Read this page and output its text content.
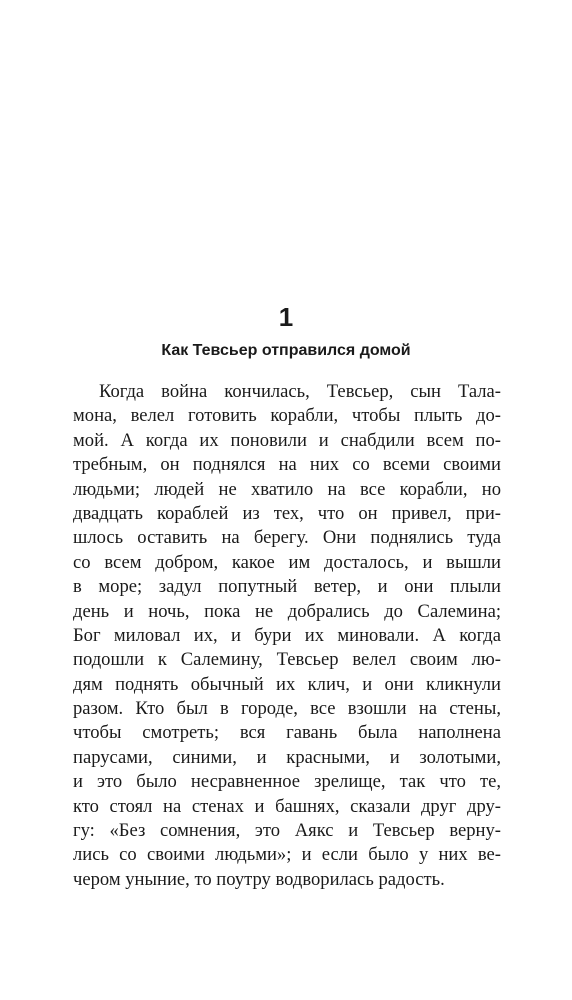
1
Как Тевсьер отправился домой

Когда война кончилась, Тевсьер, сын Тала-
мона, велел готовить корабли, чтобы плыть до-
мой. А когда их поновили и снабдили всем по-
требным, он поднялся на них со всеми своими
людьми; людей не хватило на все корабли, но
двадцать кораблей из тех, что он привел, при-
шлось оставить на берегу. Они поднялись туда
со всем добром, какое им досталось, и вышли
в море; задул попутный ветер, и они плыли
день и ночь, пока не добрались до Салемина;
Бог миловал их, и бури их миновали. А когда
подошли к Салемину, Тевсьер велел своим лю-
дям поднять обычный их клич, и они кликнули
разом. Кто был в городе, все взошли на стены,
чтобы смотреть; вся гавань была наполнена
парусами, синими, и красными, и золотыми,
и это было несравненное зрелище, так что те,
кто стоял на стенах и башнях, сказали друг дру-
гу: «Без сомнения, это Аякс и Тевсьер верну-
лись со своими людьми»; и если было у них ве-
чером уныние, то поутру водворилась радость.
